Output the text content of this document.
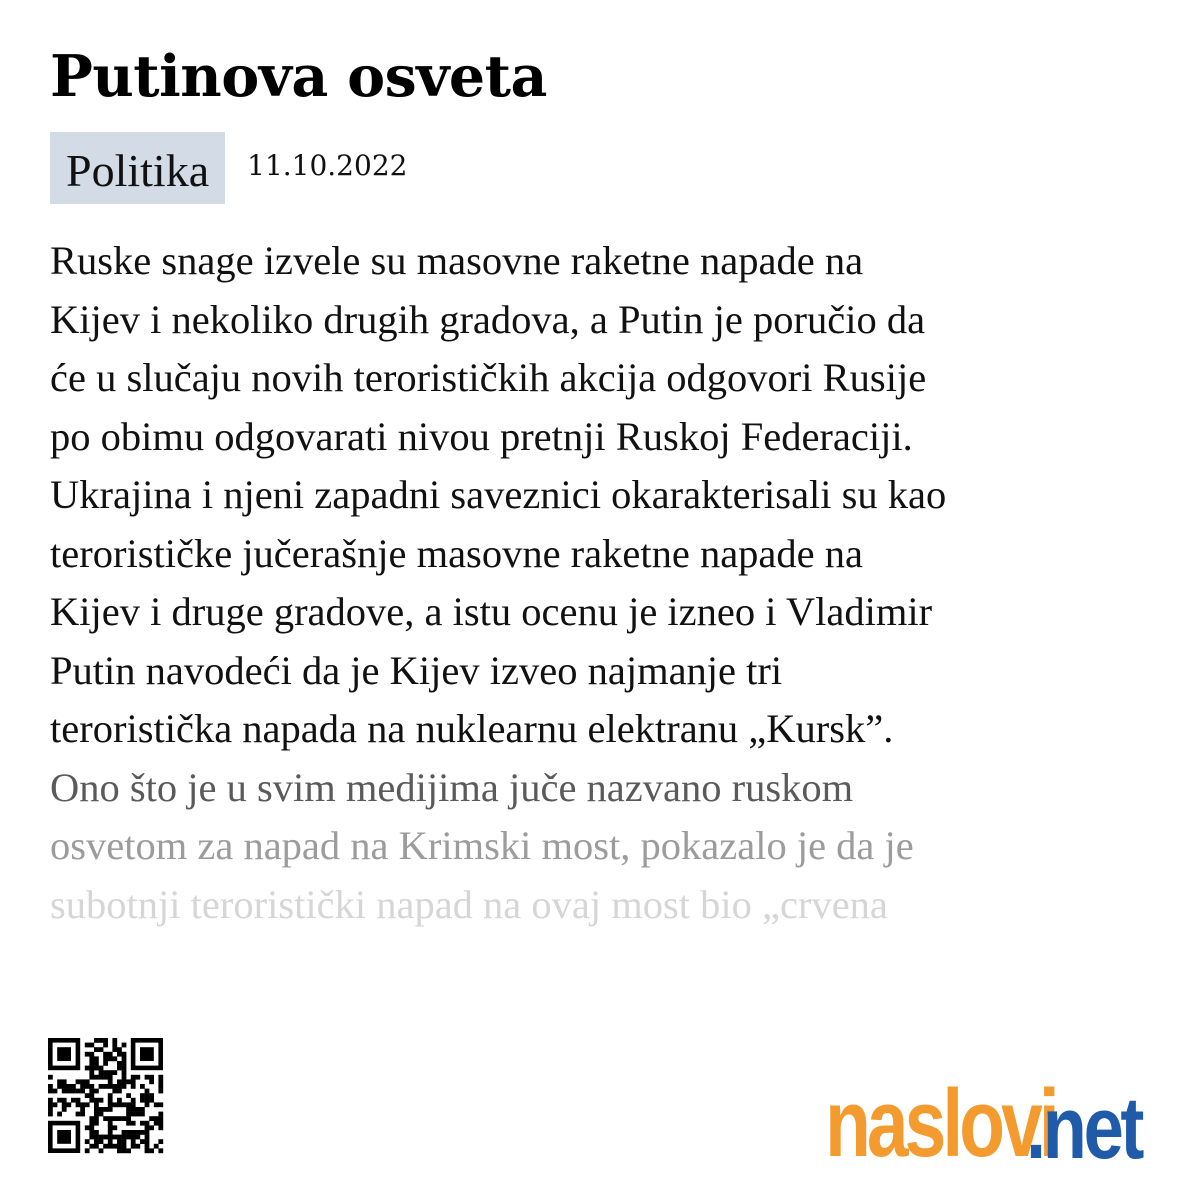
Putinova osveta
Politika	11.10.2022
Ruske snage izvele su masovne raketne napade na
Kijev i nekoliko drugih gradova, a Putin je poručio da
će u slučaju novih terorističkih akcija odgovori Rusije
po obimu odgovarati nivou pretnji Ruskoj Federaciji.
Ukrajina i njeni zapadni saveznici okarakterisali su kao
terorističke jučerašnje masovne raketne napade na
Kijev i druge gradove, a istu ocenu je izneo i Vladimir
Putin navodeći da je Kijev izveo najmanje tri
teroristička napada na nuklearnu elektranu „Kursk”.
Ono što je u svim medijima juče nazvano ruskom
osvetom za napad na Krimski most, pokazalo je da je
subotnji teroristički napad na ovaj most bio „crvena
naslovi
.net
